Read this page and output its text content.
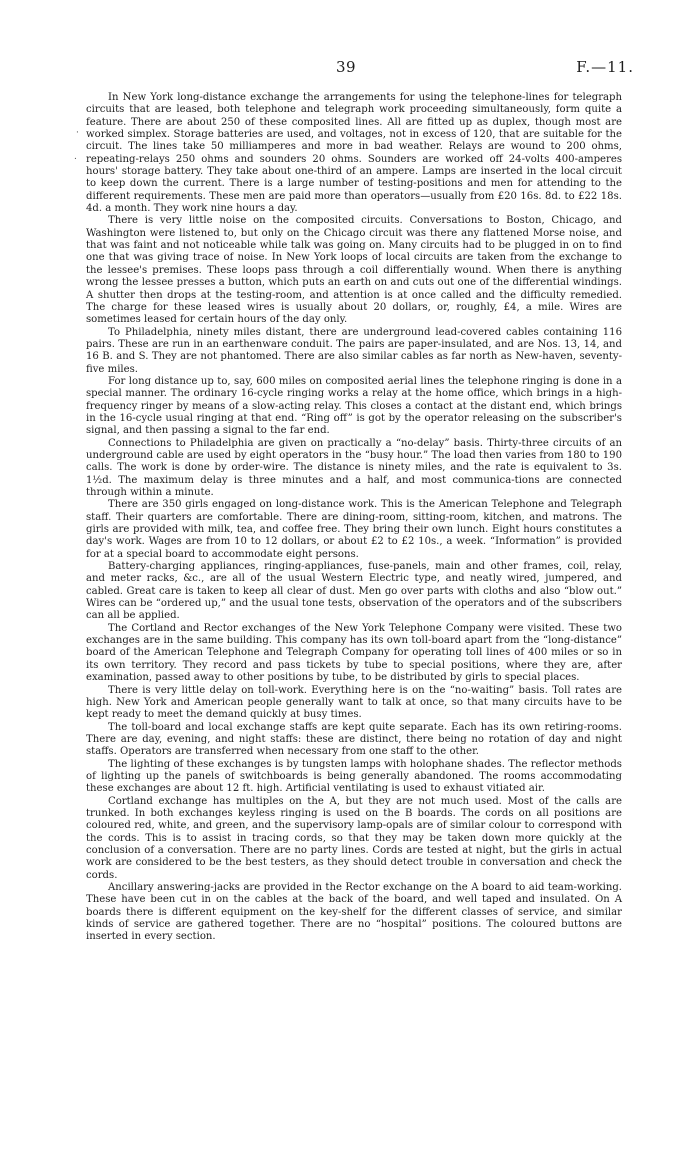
39	F.—11.
·
.

In New York long-distance exchange the arrangements for using the telephone-lines for telegraph circuits that are leased, both telephone and telegraph work proceeding simultaneously, form quite a feature. There are about 250 of these composited lines. All are fitted up as duplex, though most are worked simplex. Storage batteries are used, and voltages, not in excess of 120, that are suitable for the circuit. The lines take 50 milliamperes and more in bad weather. Relays are wound to 200 ohms, repeating-relays 250 ohms and sounders 20 ohms. Sounders are worked off 24-volts 400-amperes hours' storage battery. They take about one-third of an ampere. Lamps are inserted in the local circuit to keep down the current. There is a large number of testing-positions and men for attending to the different requirements. These men are paid more than operators—usually from £20 16s. 8d. to £22 18s. 4d. a month. They work nine hours a day.

There is very little noise on the composited circuits. Conversations to Boston, Chicago, and Washington were listened to, but only on the Chicago circuit was there any flattened Morse noise, and that was faint and not noticeable while talk was going on. Many circuits had to be plugged in on to find one that was giving trace of noise. In New York loops of local circuits are taken from the exchange to the lessee's premises. These loops pass through a coil differentially wound. When there is anything wrong the lessee presses a button, which puts an earth on and cuts out one of the differential windings. A shutter then drops at the testing-room, and attention is at once called and the difficulty remedied. The charge for these leased wires is usually about 20 dollars, or, roughly, £4, a mile. Wires are sometimes leased for certain hours of the day only.

To Philadelphia, ninety miles distant, there are underground lead-covered cables containing 116 pairs. These are run in an earthenware conduit. The pairs are paper-insulated, and are Nos. 13, 14, and 16 B. and S. They are not phantomed. There are also similar cables as far north as New-haven, seventy-five miles.

For long distance up to, say, 600 miles on composited aerial lines the telephone ringing is done in a special manner. The ordinary 16-cycle ringing works a relay at the home office, which brings in a high-frequency ringer by means of a slow-acting relay. This closes a contact at the distant end, which brings in the 16-cycle usual ringing at that end. “Ring off” is got by the operator releasing on the subscriber's signal, and then passing a signal to the far end.

Connections to Philadelphia are given on practically a “no-delay” basis. Thirty-three circuits of an underground cable are used by eight operators in the “busy hour.” The load then varies from 180 to 190 calls. The work is done by order-wire. The distance is ninety miles, and the rate is equivalent to 3s. 1½d. The maximum delay is three minutes and a half, and most communica-tions are connected through within a minute.

There are 350 girls engaged on long-distance work. This is the American Telephone and Telegraph staff. Their quarters are comfortable. There are dining-room, sitting-room, kitchen, and matrons. The girls are provided with milk, tea, and coffee free. They bring their own lunch. Eight hours constitutes a day's work. Wages are from 10 to 12 dollars, or about £2 to £2 10s., a week. “Information” is provided for at a special board to accommodate eight persons.

Battery-charging appliances, ringing-appliances, fuse-panels, main and other frames, coil, relay, and meter racks, &c., are all of the usual Western Electric type, and neatly wired, jumpered, and cabled. Great care is taken to keep all clear of dust. Men go over parts with cloths and also “blow out.” Wires can be “ordered up,” and the usual tone tests, observation of the operators and of the subscribers can all be applied.

The Cortland and Rector exchanges of the New York Telephone Company were visited. These two exchanges are in the same building. This company has its own toll-board apart from the “long-distance” board of the American Telephone and Telegraph Company for operating toll lines of 400 miles or so in its own territory. They record and pass tickets by tube to special positions, where they are, after examination, passed away to other positions by tube, to be distributed by girls to special places.

There is very little delay on toll-work. Everything here is on the “no-waiting” basis. Toll rates are high. New York and American people generally want to talk at once, so that many circuits have to be kept ready to meet the demand quickly at busy times.

The toll-board and local exchange staffs are kept quite separate. Each has its own retiring-rooms. There are day, evening, and night staffs: these are distinct, there being no rotation of day and night staffs. Operators are transferred when necessary from one staff to the other.

The lighting of these exchanges is by tungsten lamps with holophane shades. The reflector methods of lighting up the panels of switchboards is being generally abandoned. The rooms accommodating these exchanges are about 12 ft. high. Artificial ventilating is used to exhaust vitiated air.

Cortland exchange has multiples on the A, but they are not much used. Most of the calls are trunked. In both exchanges keyless ringing is used on the B boards. The cords on all positions are coloured red, white, and green, and the supervisory lamp-opals are of similar colour to correspond with the cords. This is to assist in tracing cords, so that they may be taken down more quickly at the conclusion of a conversation. There are no party lines. Cords are tested at night, but the girls in actual work are considered to be the best testers, as they should detect trouble in conversation and check the cords.

Ancillary answering-jacks are provided in the Rector exchange on the A board to aid team-working. These have been cut in on the cables at the back of the board, and well taped and insulated. On A boards there is different equipment on the key-shelf for the different classes of service, and similar kinds of service are gathered together. There are no “hospital” positions. The coloured buttons are inserted in every section.
